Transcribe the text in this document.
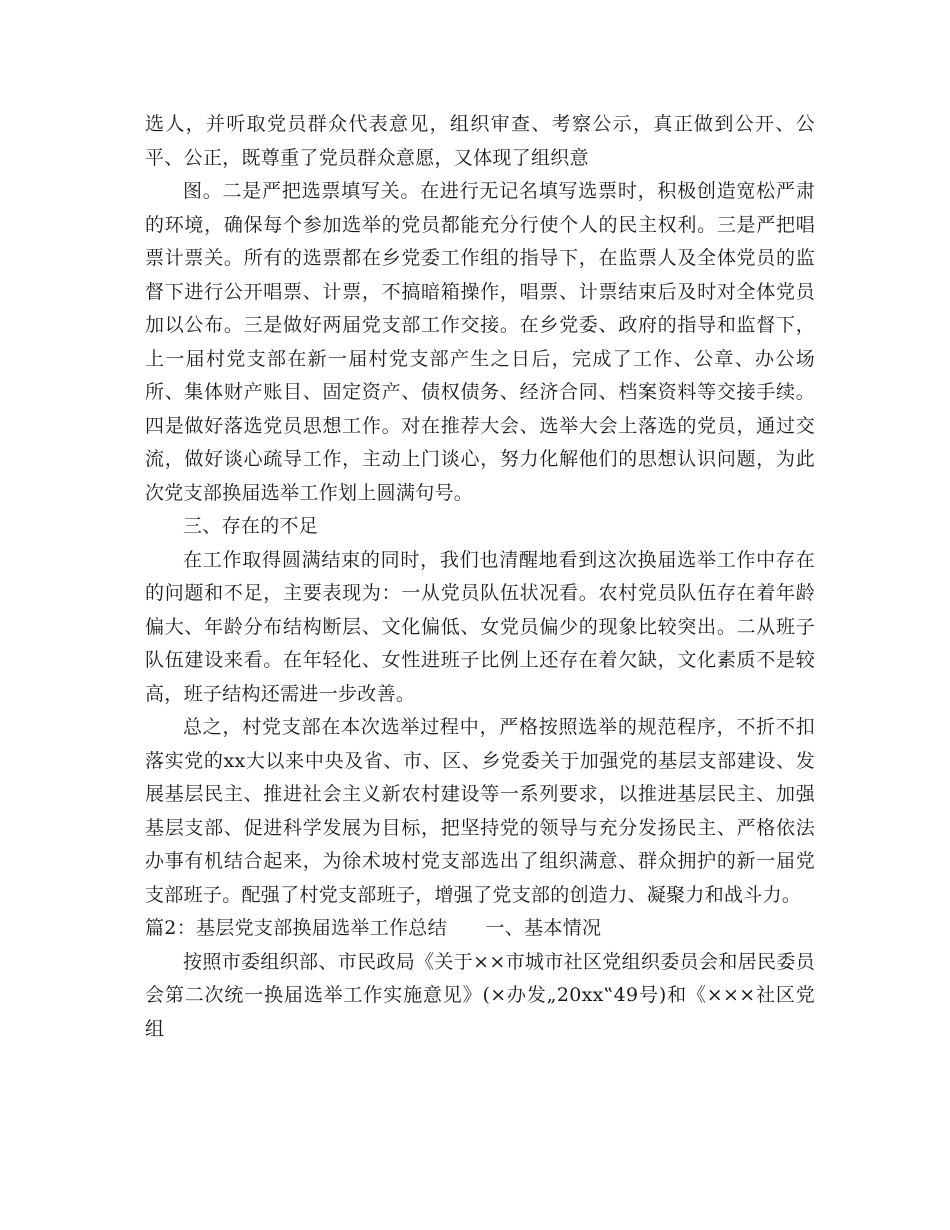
选人，并听取党员群众代表意见，组织审查、考察公示，真正做到公开、公平、公正，既尊重了党员群众意愿，又体现了组织意

图。二是严把选票填写关。在进行无记名填写选票时，积极创造宽松严肃的环境，确保每个参加选举的党员都能充分行使个人的民主权利。三是严把唱票计票关。所有的选票都在乡党委工作组的指导下，在监票人及全体党员的监督下进行公开唱票、计票，不搞暗箱操作，唱票、计票结束后及时对全体党员加以公布。三是做好两届党支部工作交接。在乡党委、政府的指导和监督下，上一届村党支部在新一届村党支部产生之日后，完成了工作、公章、办公场所、集体财产账目、固定资产、债权债务、经济合同、档案资料等交接手续。四是做好落选党员思想工作。对在推荐大会、选举大会上落选的党员，通过交流，做好谈心疏导工作，主动上门谈心，努力化解他们的思想认识问题，为此次党支部换届选举工作划上圆满句号。

三、存在的不足

在工作取得圆满结束的同时，我们也清醒地看到这次换届选举工作中存在的问题和不足，主要表现为：一从党员队伍状况看。农村党员队伍存在着年龄偏大、年龄分布结构断层、文化偏低、女党员偏少的现象比较突出。二从班子队伍建设来看。在年轻化、女性进班子比例上还存在着欠缺，文化素质不是较高，班子结构还需进一步改善。

总之，村党支部在本次选举过程中，严格按照选举的规范程序，不折不扣落实党的xx大以来中央及省、市、区、乡党委关于加强党的基层支部建设、发展基层民主、推进社会主义新农村建设等一系列要求，以推进基层民主、加强基层支部、促进科学发展为目标，把坚持党的领导与充分发扬民主、严格依法办事有机结合起来，为徐术坡村党支部选出了组织满意、群众拥护的新一届党支部班子。配强了村党支部班子，增强了党支部的创造力、凝聚力和战斗力。

篇2：基层党支部换届选举工作总结　　一、基本情况

按照市委组织部、市民政局《关于××市城市社区党组织委员会和居民委员会第二次统一换届选举工作实施意见》(×办发„20xx‟49号)和《×××社区党组
